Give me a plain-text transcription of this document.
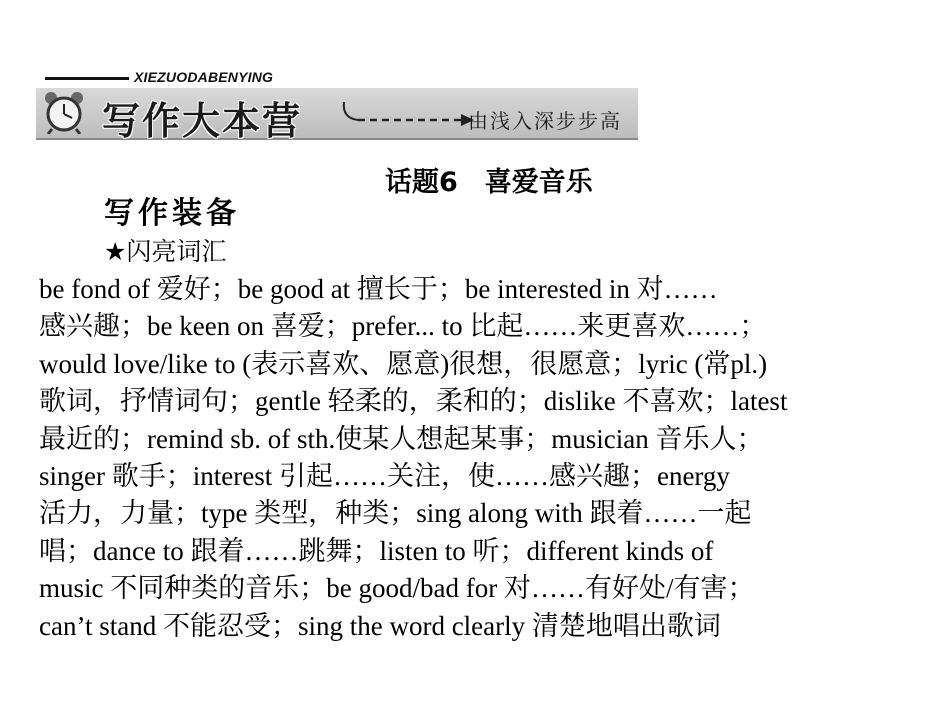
XIEZUODABENYING
写作大本营	由浅入深步步高
话题6　喜爱音乐
写作装备
★闪亮词汇
be fond of 爱好；be good at 擅长于；be interested in 对……
感兴趣；be keen on 喜爱；prefer... to 比起……来更喜欢……；
would love/like to (表示喜欢、愿意)很想，很愿意；lyric (常pl.)
歌词，抒情词句；gentle 轻柔的，柔和的；dislike 不喜欢；latest
最近的；remind sb. of sth.使某人想起某事；musician 音乐人；
singer 歌手；interest 引起……关注，使……感兴趣；energy
活力，力量；type 类型，种类；sing along with 跟着……一起
唱；dance to 跟着……跳舞；listen to 听；different kinds of
music 不同种类的音乐；be good/bad for 对……有好处/有害；
can’t stand 不能忍受；sing the word clearly 清楚地唱出歌词
